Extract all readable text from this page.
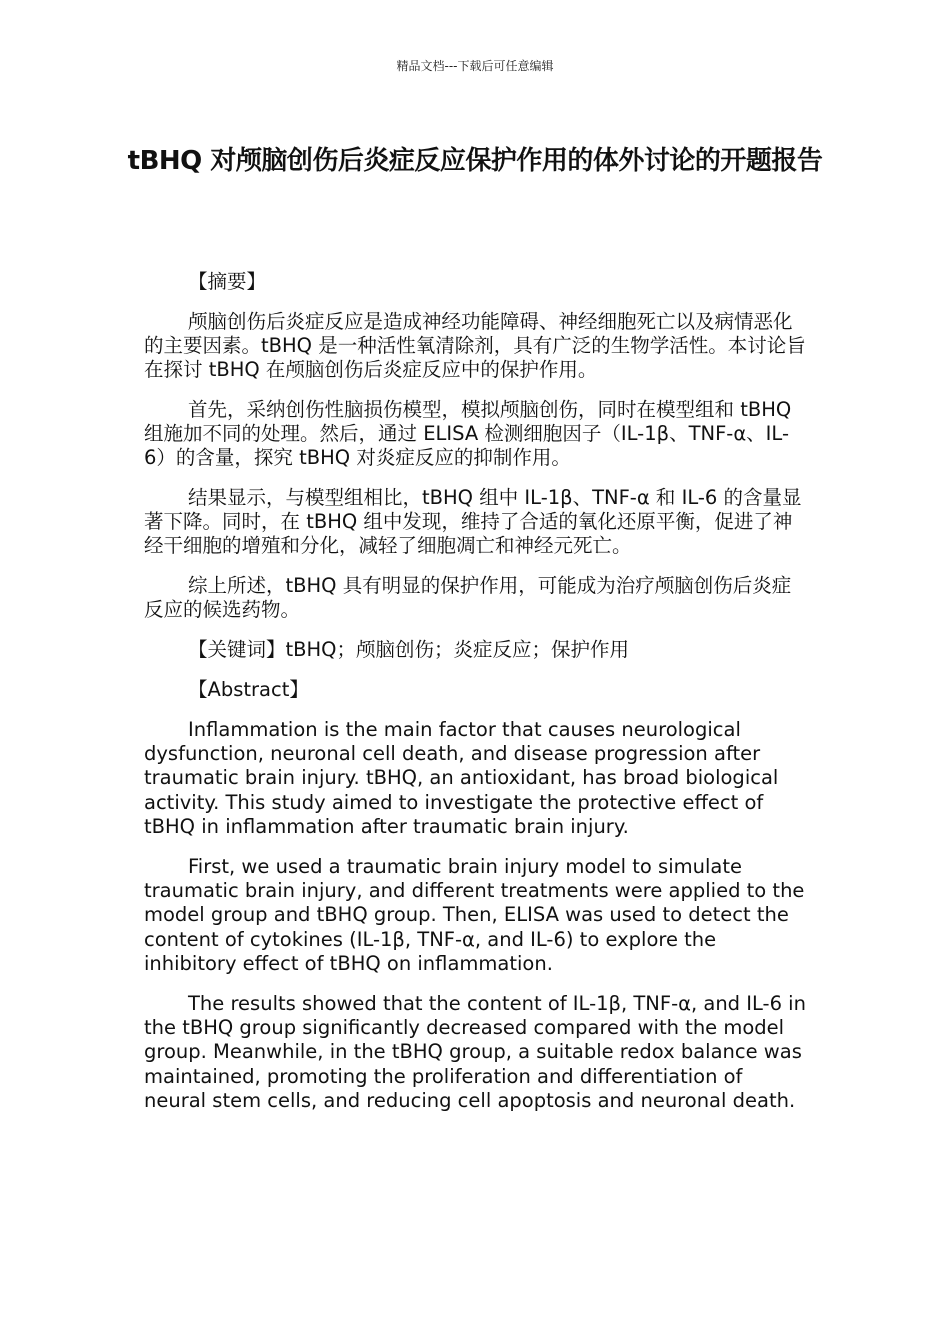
精品文档---下载后可任意编辑
tBHQ 对颅脑创伤后炎症反应保护作用的体外讨论的开题报告

【摘要】

颅脑创伤后炎症反应是造成神经功能障碍、神经细胞死亡以及病情恶化的主要因素。tBHQ 是一种活性氧清除剂，具有广泛的生物学活性。本讨论旨在探讨 tBHQ 在颅脑创伤后炎症反应中的保护作用。

首先，采纳创伤性脑损伤模型，模拟颅脑创伤，同时在模型组和 tBHQ 组施加不同的处理。然后，通过 ELISA 检测细胞因子（IL-1β、TNF-α、IL-6）的含量，探究 tBHQ 对炎症反应的抑制作用。

结果显示，与模型组相比，tBHQ 组中 IL-1β、TNF-α 和 IL-6 的含量显著下降。同时，在 tBHQ 组中发现，维持了合适的氧化还原平衡，促进了神经干细胞的增殖和分化，减轻了细胞凋亡和神经元死亡。

综上所述，tBHQ 具有明显的保护作用，可能成为治疗颅脑创伤后炎症反应的候选药物。

【关键词】tBHQ；颅脑创伤；炎症反应；保护作用

【Abstract】

Inflammation is the main factor that causes neurological dysfunction, neuronal cell death, and disease progression after traumatic brain injury. tBHQ, an antioxidant, has broad biological activity. This study aimed to investigate the protective effect of tBHQ in inflammation after traumatic brain injury.

First, we used a traumatic brain injury model to simulate traumatic brain injury, and different treatments were applied to the model group and tBHQ group. Then, ELISA was used to detect the content of cytokines (IL-1β, TNF-α, and IL-6) to explore the inhibitory effect of tBHQ on inflammation.

The results showed that the content of IL-1β, TNF-α, and IL-6 in the tBHQ group significantly decreased compared with the model group. Meanwhile, in the tBHQ group, a suitable redox balance was maintained, promoting the proliferation and differentiation of neural stem cells, and reducing cell apoptosis and neuronal death.
